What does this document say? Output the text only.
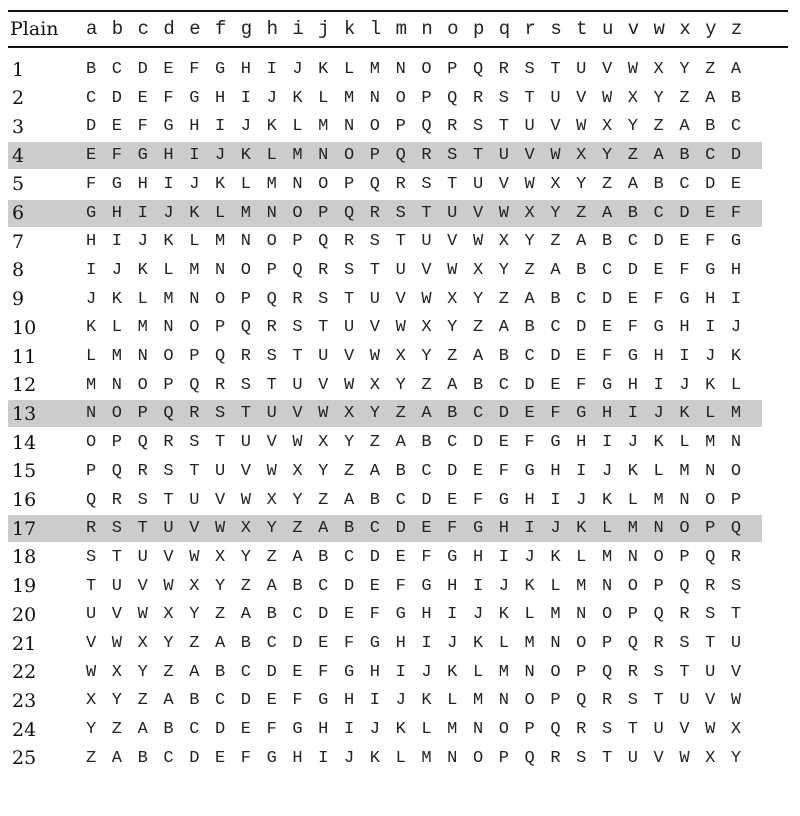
Plain	a b c d e f g h i j k l m n o p q r s t u v w x y z
1	B C D E F G H I J K L M N O P Q R S T U V W X Y Z A
2	C D E F G H I J K L M N O P Q R S T U V W X Y Z A B
3	D E F G H I J K L M N O P Q R S T U V W X Y Z A B C
4	E F G H I J K L M N O P Q R S T U V W X Y Z A B C D
5	F G H I J K L M N O P Q R S T U V W X Y Z A B C D E
6	G H I J K L M N O P Q R S T U V W X Y Z A B C D E F
7	H I J K L M N O P Q R S T U V W X Y Z A B C D E F G
8	I J K L M N O P Q R S T U V W X Y Z A B C D E F G H
9	J K L M N O P Q R S T U V W X Y Z A B C D E F G H I
10	K L M N O P Q R S T U V W X Y Z A B C D E F G H I J
11	L M N O P Q R S T U V W X Y Z A B C D E F G H I J K
12	M N O P Q R S T U V W X Y Z A B C D E F G H I J K L
13	N O P Q R S T U V W X Y Z A B C D E F G H I J K L M
14	O P Q R S T U V W X Y Z A B C D E F G H I J K L M N
15	P Q R S T U V W X Y Z A B C D E F G H I J K L M N O
16	Q R S T U V W X Y Z A B C D E F G H I J K L M N O P
17	R S T U V W X Y Z A B C D E F G H I J K L M N O P Q
18	S T U V W X Y Z A B C D E F G H I J K L M N O P Q R
19	T U V W X Y Z A B C D E F G H I J K L M N O P Q R S
20	U V W X Y Z A B C D E F G H I J K L M N O P Q R S T
21	V W X Y Z A B C D E F G H I J K L M N O P Q R S T U
22	W X Y Z A B C D E F G H I J K L M N O P Q R S T U V
23	X Y Z A B C D E F G H I J K L M N O P Q R S T U V W
24	Y Z A B C D E F G H I J K L M N O P Q R S T U V W X
25	Z A B C D E F G H I J K L M N O P Q R S T U V W X Y
